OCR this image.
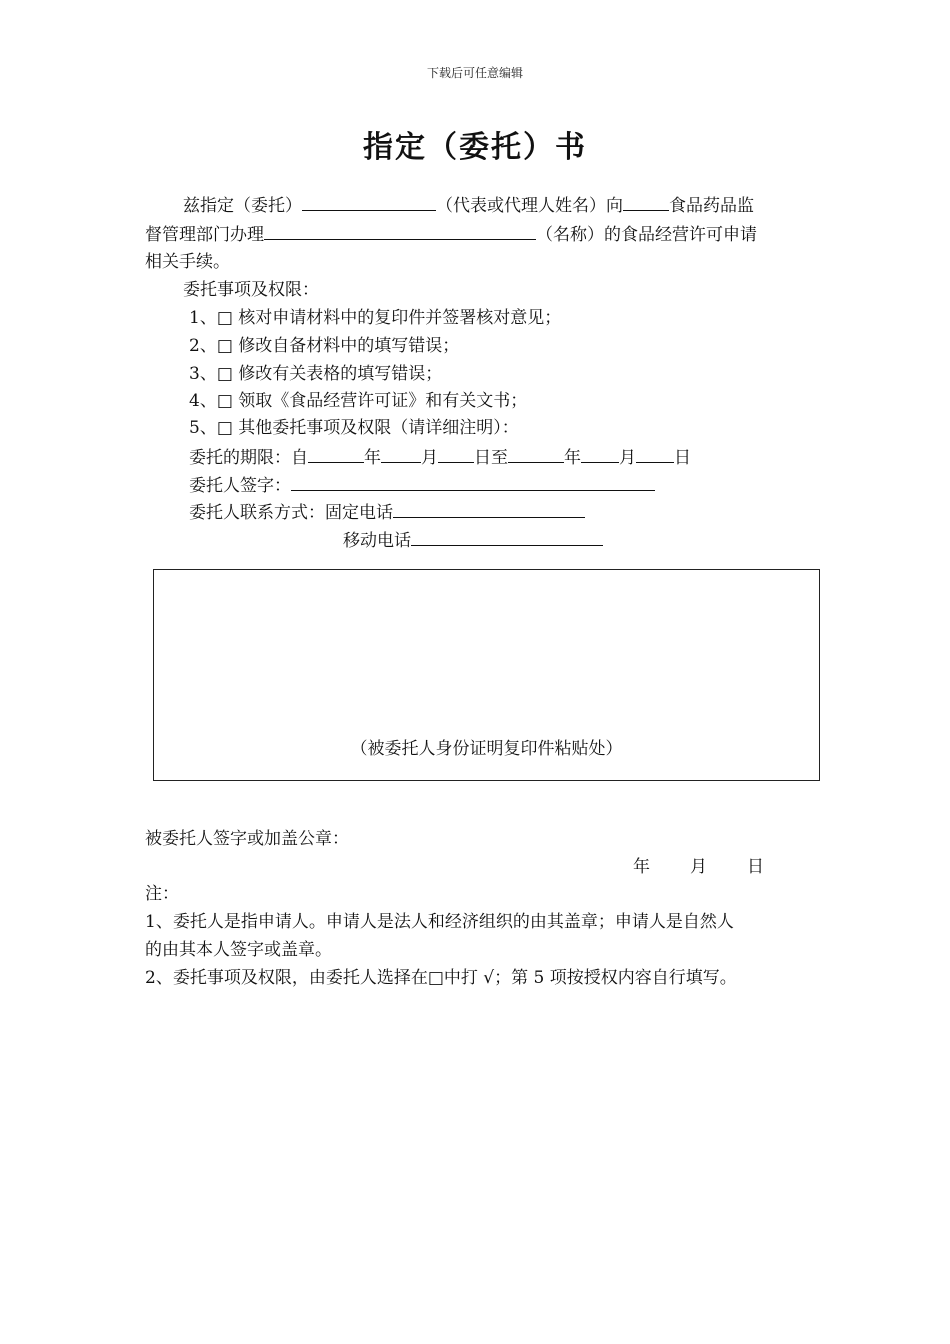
下载后可任意编辑
指定（委托）书
兹指定（委托）	（代表或代理人姓名）向	食品药品监
督管理部门办理	（名称）的食品经营许可申请
相关手续。
委托事项及权限：
1、□ 核对申请材料中的复印件并签署核对意见；
2、□ 修改自备材料中的填写错误；
3、□ 修改有关表格的填写错误；
4、□ 领取《食品经营许可证》和有关文书；
5、□ 其他委托事项及权限（请详细注明）：
委托的期限：自	年 月 日至	年 月 日
委托人签字：
委托人联系方式：固定电话
移动电话
（被委托人身份证明复印件粘贴处）
被委托人签字或加盖公章：
年 月 日
注：
1、委托人是指申请人。申请人是法人和经济组织的由其盖章；申请人是自然人
的由其本人签字或盖章。
2、委托事项及权限，由委托人选择在□中打 √；第 5 项按授权内容自行填写。
